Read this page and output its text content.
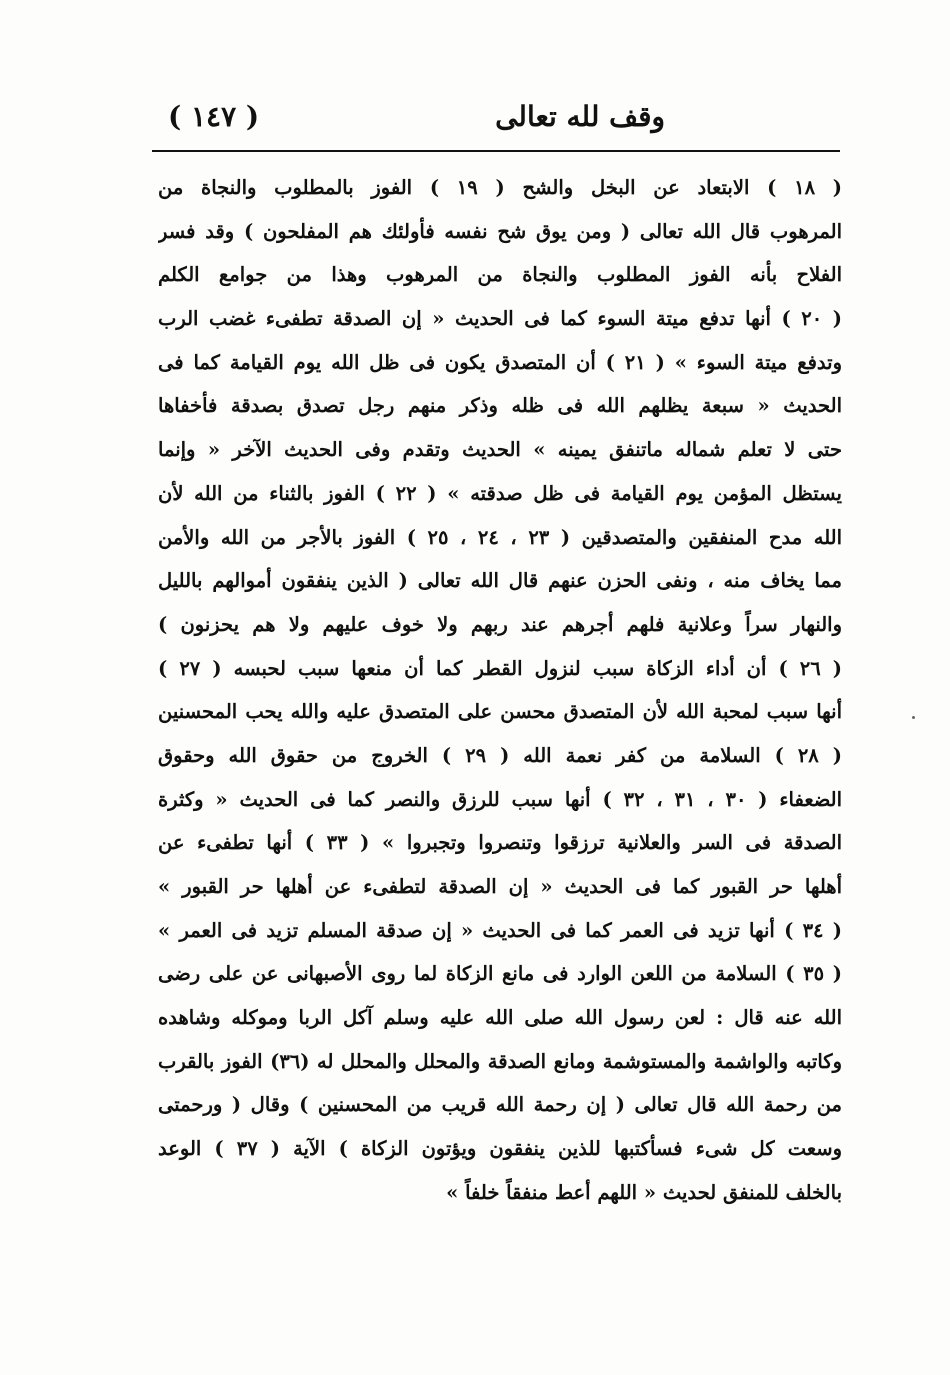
وقف لله تعالى
( ١٤٧ )
( ١٨ ) الابتعاد عن البخل والشح ( ١٩ ) الفوز بالمطلوب والنجاة من
المرهوب قال الله تعالى ( ومن يوق شح نفسه فأولئك هم المفلحون ) وقد فسر
الفلاح بأنه الفوز المطلوب والنجاة من المرهوب وهذا من جوامع الكلم
( ٢٠ ) أنها تدفع ميتة السوء كما فى الحديث « إن الصدقة تطفىء غضب الرب
وتدفع ميتة السوء » ( ٢١ ) أن المتصدق يكون فى ظل الله يوم القيامة كما فى
الحديث « سبعة يظلهم الله فى ظله وذكر منهم رجل تصدق بصدقة فأخفاها
حتى لا تعلم شماله ماتنفق يمينه » الحديث وتقدم وفى الحديث الآخر « وإنما
يستظل المؤمن يوم القيامة فى ظل صدقته » ( ٢٢ ) الفوز بالثناء من الله لأن
الله مدح المنفقين والمتصدقين ( ٢٣ ، ٢٤ ، ٢٥ ) الفوز بالأجر من الله والأمن
مما يخاف منه ، ونفى الحزن عنهم قال الله تعالى ( الذين ينفقون أموالهم بالليل
والنهار سراً وعلانية فلهم أجرهم عند ربهم ولا خوف عليهم ولا هم يحزنون )
( ٢٦ ) أن أداء الزكاة سبب لنزول القطر كما أن منعها سبب لحبسه ( ٢٧ )
أنها سبب لمحبة الله لأن المتصدق محسن على المتصدق عليه والله يحب المحسنين
( ٢٨ ) السلامة من كفر نعمة الله ( ٢٩ ) الخروج من حقوق الله وحقوق
الضعفاء ( ٣٠ ، ٣١ ، ٣٢ ) أنها سبب للرزق والنصر كما فى الحديث « وكثرة
الصدقة فى السر والعلانية ترزقوا وتنصروا وتجبروا » ( ٣٣ ) أنها تطفىء عن
أهلها حر القبور كما فى الحديث « إن الصدقة لتطفىء عن أهلها حر القبور »
( ٣٤ ) أنها تزيد فى العمر كما فى الحديث « إن صدقة المسلم تزيد فى العمر »
( ٣٥ ) السلامة من اللعن الوارد فى مانع الزكاة لما روى الأصبهانى عن على رضى
الله عنه قال : لعن رسول الله صلى الله عليه وسلم آكل الربا وموكله وشاهده
وكاتبه والواشمة والمستوشمة ومانع الصدقة والمحلل والمحلل له (٣٦) الفوز بالقرب
من رحمة الله قال تعالى ( إن رحمة الله قريب من المحسنين ) وقال ( ورحمتى
وسعت كل شىء فسأكتبها للذين ينفقون ويؤتون الزكاة ) الآية ( ٣٧ ) الوعد
بالخلف للمنفق لحديث « اللهم أعط منفقاً خلفاً »
